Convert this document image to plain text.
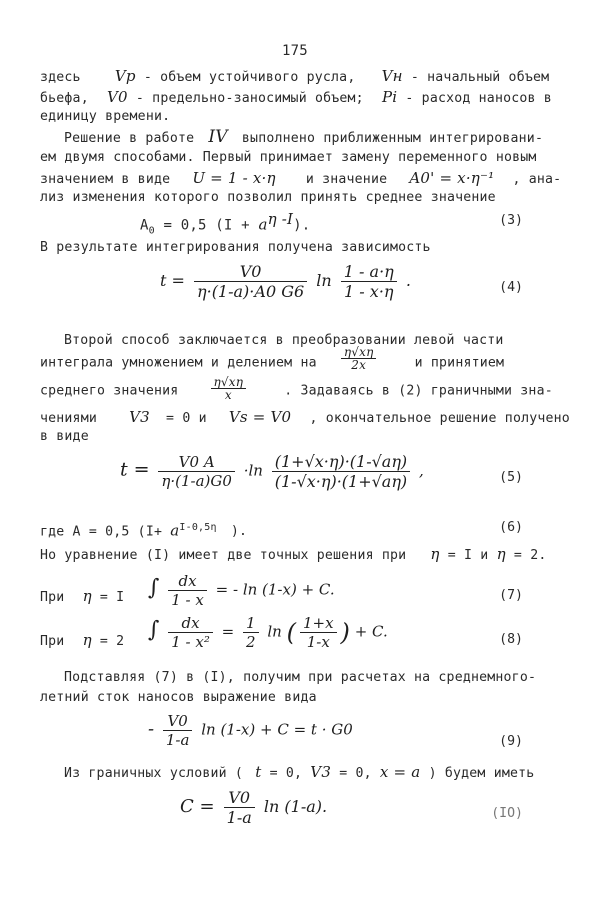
175
здесь Vp - объем устойчивого русла, Vн - начальный объем
бьефа, V0 - предельно-заносимый объем; Pi - расход наносов в
единицу времени.
Решение в работе IV выполнено приближенным интегрировани-
ем двумя способами. Первый принимает замену переменного новым
значением в виде U = 1 - x·η и значение A0' = x·η⁻¹ , ана-
лиз изменения которого позволил принять среднее значение
$A_0 = 0,5$ $(I + a^{\eta -I})$.	(3)
В результате интегрирования получена зависимость
$t = \frac{V0}{\eta\cdot(1-a)\cdot A0 G6}$ $\ln \frac{1 - a\cdot\eta}{1 - x\cdot\eta}$ .	(4)
Второй способ заключается в преобразовании левой части
интеграла умножением и делением на $\frac{\eta√x\eta}{2x}$	и принятием
среднего значения	$\frac{\eta√x\eta}{x}$	. Задаваясь в (2) граничными зна-
чениями V3 = 0 и Vs = V0 , окончательное решение получено
в виде
$t = \frac{V0 A}{\eta\cdot(1-a)G0} \cdot\ln \frac{(1+√x\cdot\eta)\cdot(1-√a\eta)}{(1-√x\cdot\eta)\cdot(1+√a\eta)}$ ,	(5)
где A = 0,5 ($I+ a^{I-0,5\eta}$ ).	(6)
Но уравнение (I) имеет две точных решения при η = I и η = 2.
При η = I ∫ $\frac{dx}{1 - x}$ = - ln (1-x) + C.	(7)
При η = 2 ∫ $\frac{dx}{\text{1 - x²}} = \frac{1}{2}$ ln ( $\frac{1+x}{1-x}$ ) + C.	(8)
Подставляя (7) в (I), получим при расчетах на среднемного-
летний сток наносов выражение вида
- $\frac{V0}{1-a}$ ln (1-x) + C = t · G0
(9)
Из граничных условий ( t = 0, V3 = 0, x = a ) будем иметь
$C = \frac{V0}{1-a}$ ln (1-a).	(IO)
